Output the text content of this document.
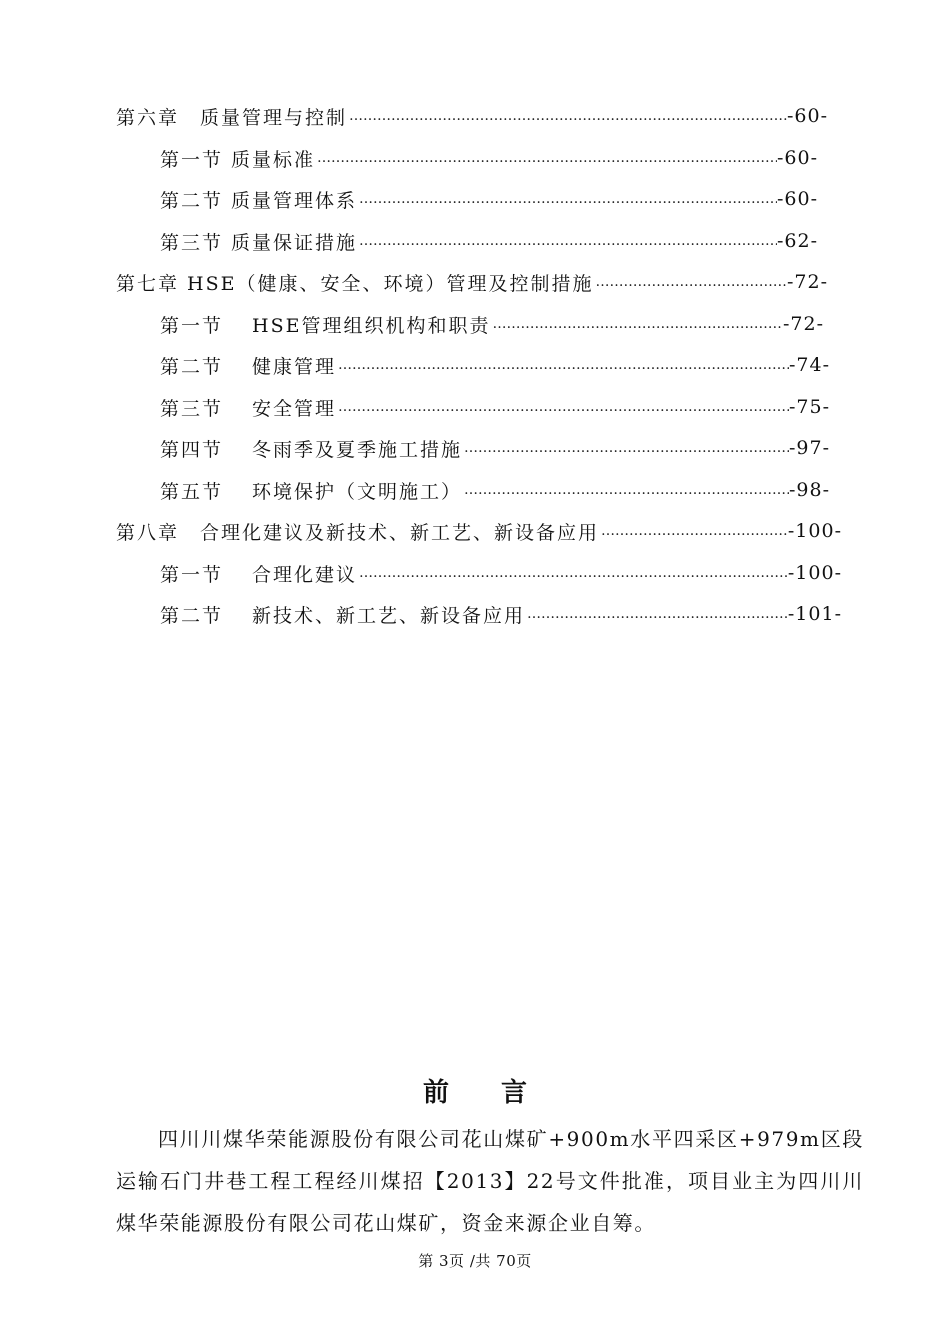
第六章　质量管理与控制 ………………………………………………………………………………………………………………………………………………	-60-
第一节 质量标准 ………………………………………………………………………………………………………………………………………………	-60-
第二节 质量管理体系 ………………………………………………………………………………………………………………………………………………	-60-
第三节 质量保证措施 ………………………………………………………………………………………………………………………………………………	-62-
第七章 HSE（健康、安全、环境）管理及控制措施 ………………………………………………………………………………………………………………………………………………	-72-
第一节　 HSE管理组织机构和职责 ………………………………………………………………………………………………………………………………………………	-72-
第二节　 健康管理 ………………………………………………………………………………………………………………………………………………	-74-
第三节　 安全管理 ………………………………………………………………………………………………………………………………………………	-75-
第四节　 冬雨季及夏季施工措施 ………………………………………………………………………………………………………………………………………………	-97-
第五节　 环境保护（文明施工） ………………………………………………………………………………………………………………………………………………	-98-
第八章　合理化建议及新技术、新工艺、新设备应用 ………………………………………………………………………………………………………………………………………………	-100-
第一节　 合理化建议 ………………………………………………………………………………………………………………………………………………	-100-
第二节　 新技术、新工艺、新设备应用 ………………………………………………………………………………………………………………………………………………	-101-
前言

四川川煤华荣能源股份有限公司花山煤矿+900m水平四采区+979m区段运输石门井巷工程工程经川煤招【2013】22号文件批准，项目业主为四川川煤华荣能源股份有限公司花山煤矿，资金来源企业自筹。

第 3页 /共 70页
